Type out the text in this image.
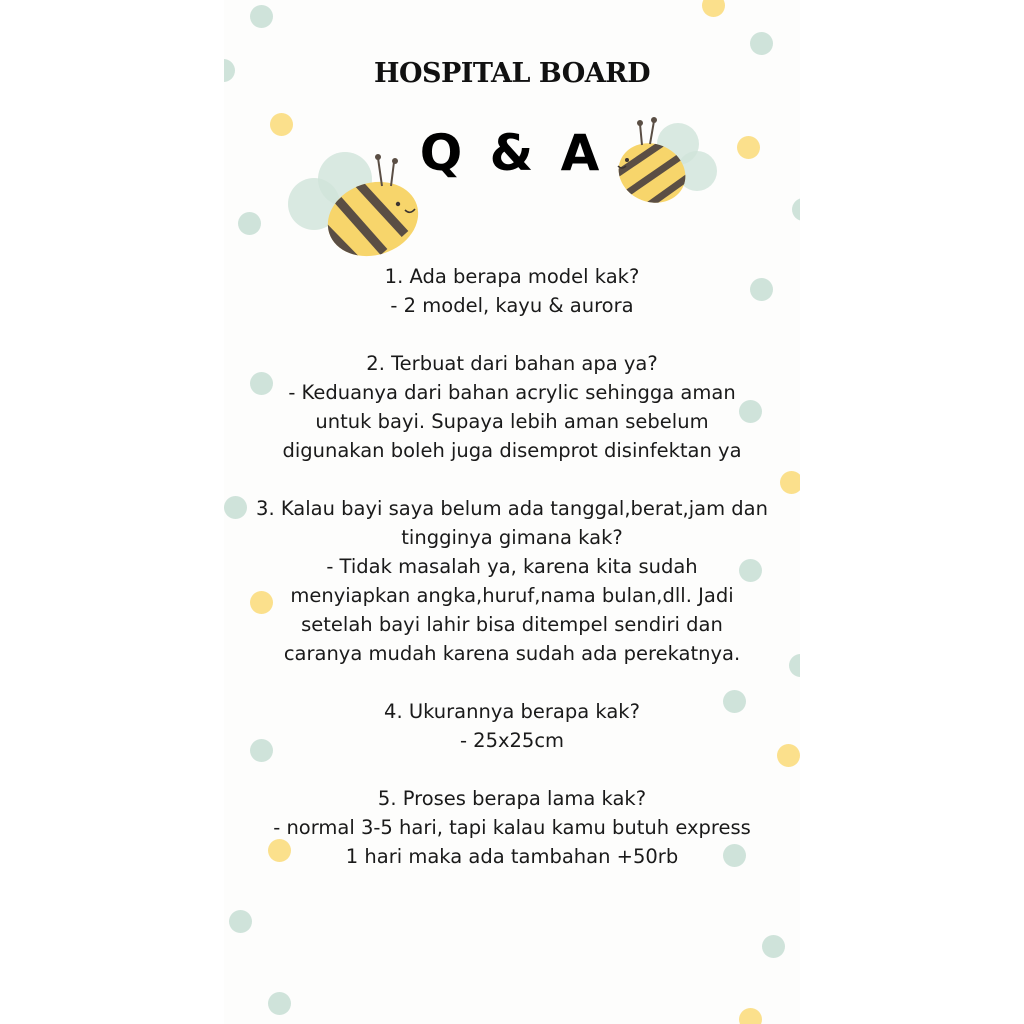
HOSPITAL BOARD
Q & A

1. Ada berapa model kak?

- 2 model, kayu & aurora

2. Terbuat dari bahan apa ya?

- Keduanya dari bahan acrylic sehingga aman untuk bayi. Supaya lebih aman sebelum digunakan boleh juga disemprot disinfektan ya

3. Kalau bayi saya belum ada tanggal,berat,jam dan tingginya gimana kak?

- Tidak masalah ya, karena kita sudah menyiapkan angka,huruf,nama bulan,dll. Jadi setelah bayi lahir bisa ditempel sendiri dan caranya mudah karena sudah ada perekatnya.

4. Ukurannya berapa kak?

- 25x25cm

5. Proses berapa lama kak?

- normal 3-5 hari, tapi kalau kamu butuh express 1 hari maka ada tambahan +50rb
